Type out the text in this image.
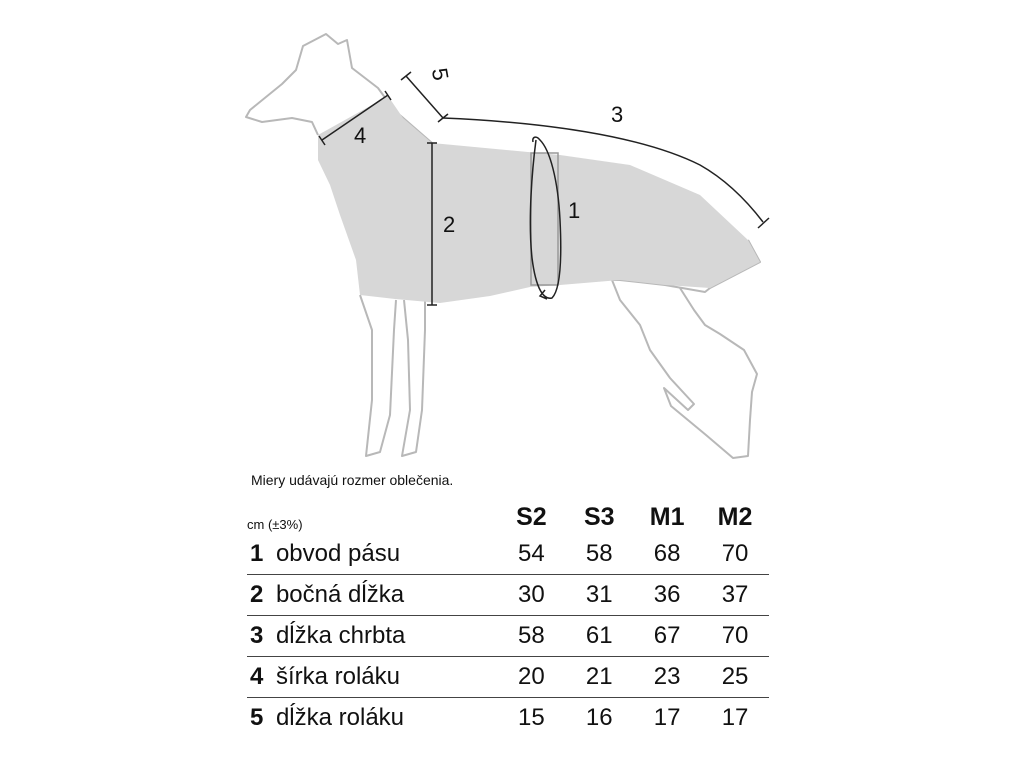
1
2
3
4
5
Miery udávajú rozmer oblečenia.
cm (±3%)		S2	S3	M1	M2
1	obvod pásu	54	58	68	70
2	bočná dĺžka	30	31	36	37
3	dĺžka chrbta	58	61	67	70
4	šírka roláku	20	21	23	25
5	dĺžka roláku	15	16	17	17
